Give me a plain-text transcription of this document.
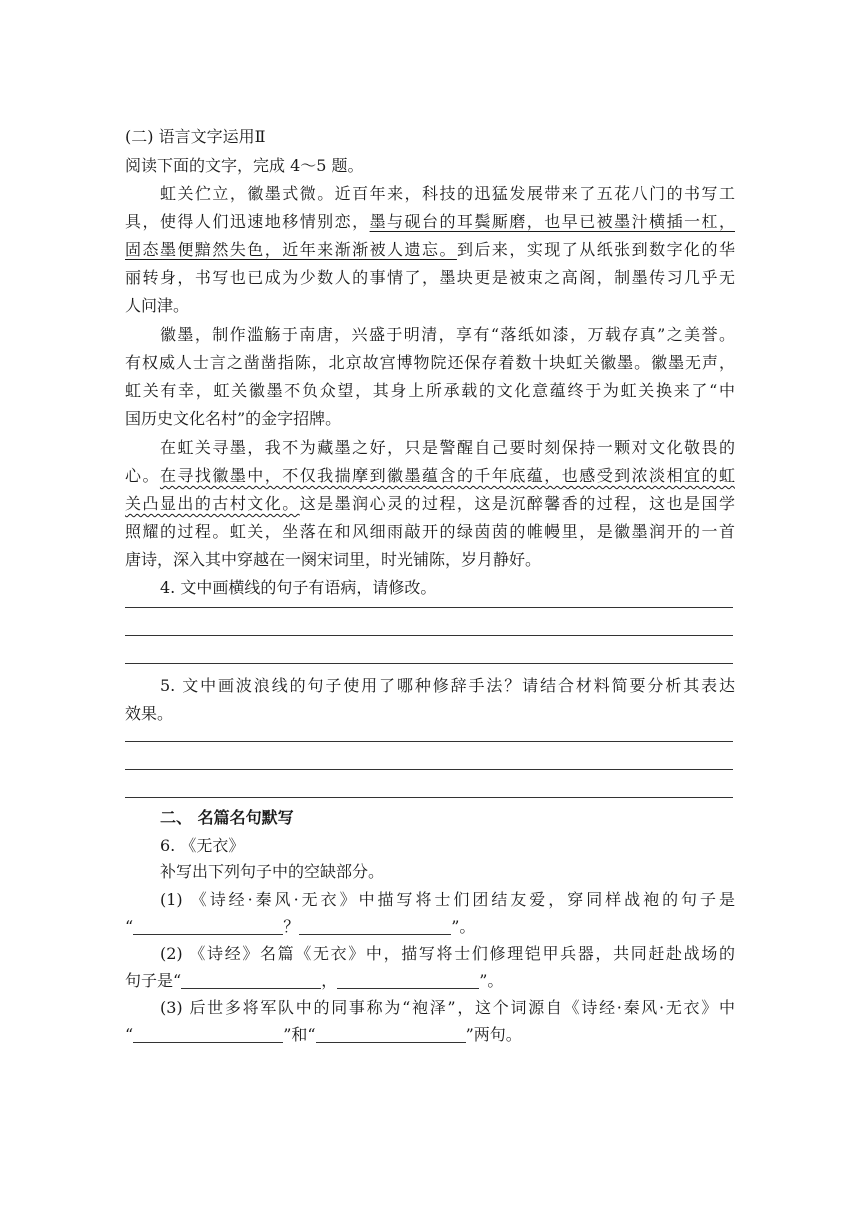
(二) 语言文字运用Ⅱ
阅读下面的文字，完成 4～5 题。
虹关伫立，徽墨式微。近百年来，科技的迅猛发展带来了五花八门的书写工
具，使得人们迅速地移情别恋，墨与砚台的耳鬓厮磨，也早已被墨汁横插一杠，
固态墨便黯然失色，近年来渐渐被人遗忘。到后来，实现了从纸张到数字化的华
丽转身，书写也已成为少数人的事情了，墨块更是被束之高阁，制墨传习几乎无
人问津。
徽墨，制作滥觞于南唐，兴盛于明清，享有“落纸如漆，万载存真”之美誉。
有权威人士言之凿凿指陈，北京故宫博物院还保存着数十块虹关徽墨。徽墨无声，
虹关有幸，虹关徽墨不负众望，其身上所承载的文化意蕴终于为虹关换来了“中
国历史文化名村”的金字招牌。
在虹关寻墨，我不为藏墨之好，只是警醒自己要时刻保持一颗对文化敬畏的
心。在寻找徽墨中，不仅我揣摩到徽墨蕴含的千年底蕴，也感受到浓淡相宜的虹
关凸显出的古村文化。这是墨润心灵的过程，这是沉醉馨香的过程，这也是国学
照耀的过程。虹关，坐落在和风细雨敲开的绿茵茵的帷幔里，是徽墨润开的一首
唐诗，深入其中穿越在一阕宋词里，时光铺陈，岁月静好。
4. 文中画横线的句子有语病，请修改。
5. 文中画波浪线的句子使用了哪种修辞手法？请结合材料简要分析其表达
效果。
二、 名篇名句默写
6. 《无衣》
补写出下列句子中的空缺部分。
(1) 《诗经·秦风·无衣》中描写将士们团结友爱，穿同样战袍的句子是
“	？	”。
(2) 《诗经》名篇《无衣》中，描写将士们修理铠甲兵器，共同赶赴战场的
句子是“	，	”。
(3) 后世多将军队中的同事称为“袍泽”，这个词源自《诗经·秦风·无衣》中
“	”和“	”两句。
